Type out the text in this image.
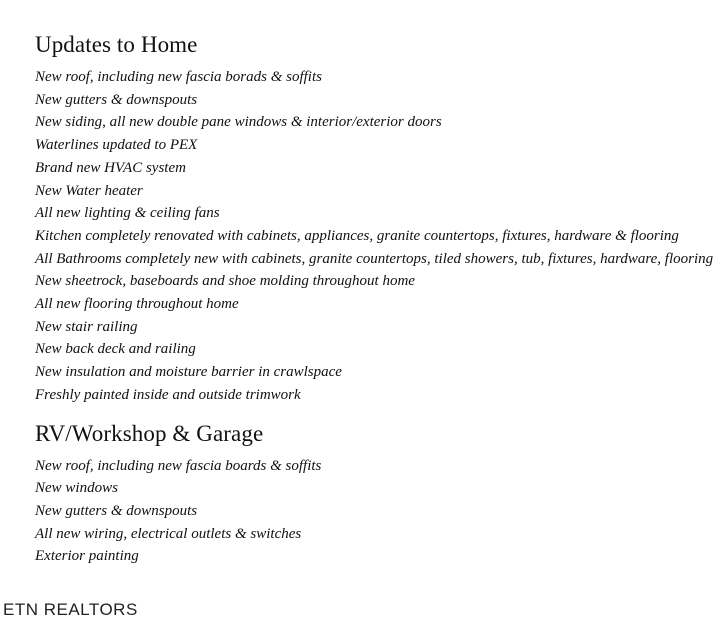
Updates to Home
New roof, including new fascia borads & soffits
New gutters & downspouts
New siding, all new double pane windows & interior/exterior doors
Waterlines updated to PEX
Brand new HVAC system
New Water heater
All new lighting & ceiling fans
Kitchen completely renovated with cabinets, appliances, granite countertops, fixtures, hardware & flooring
All Bathrooms completely new with cabinets, granite countertops, tiled showers, tub, fixtures, hardware, flooring
New sheetrock, baseboards and shoe molding throughout home
All new flooring throughout home
New stair railing
New back deck and railing
New insulation and moisture barrier in crawlspace
Freshly painted inside and outside trimwork
RV/Workshop & Garage
New roof, including new fascia boards & soffits
New windows
New gutters & downspouts
All new wiring, electrical outlets & switches
Exterior painting
ETN REALTORS
